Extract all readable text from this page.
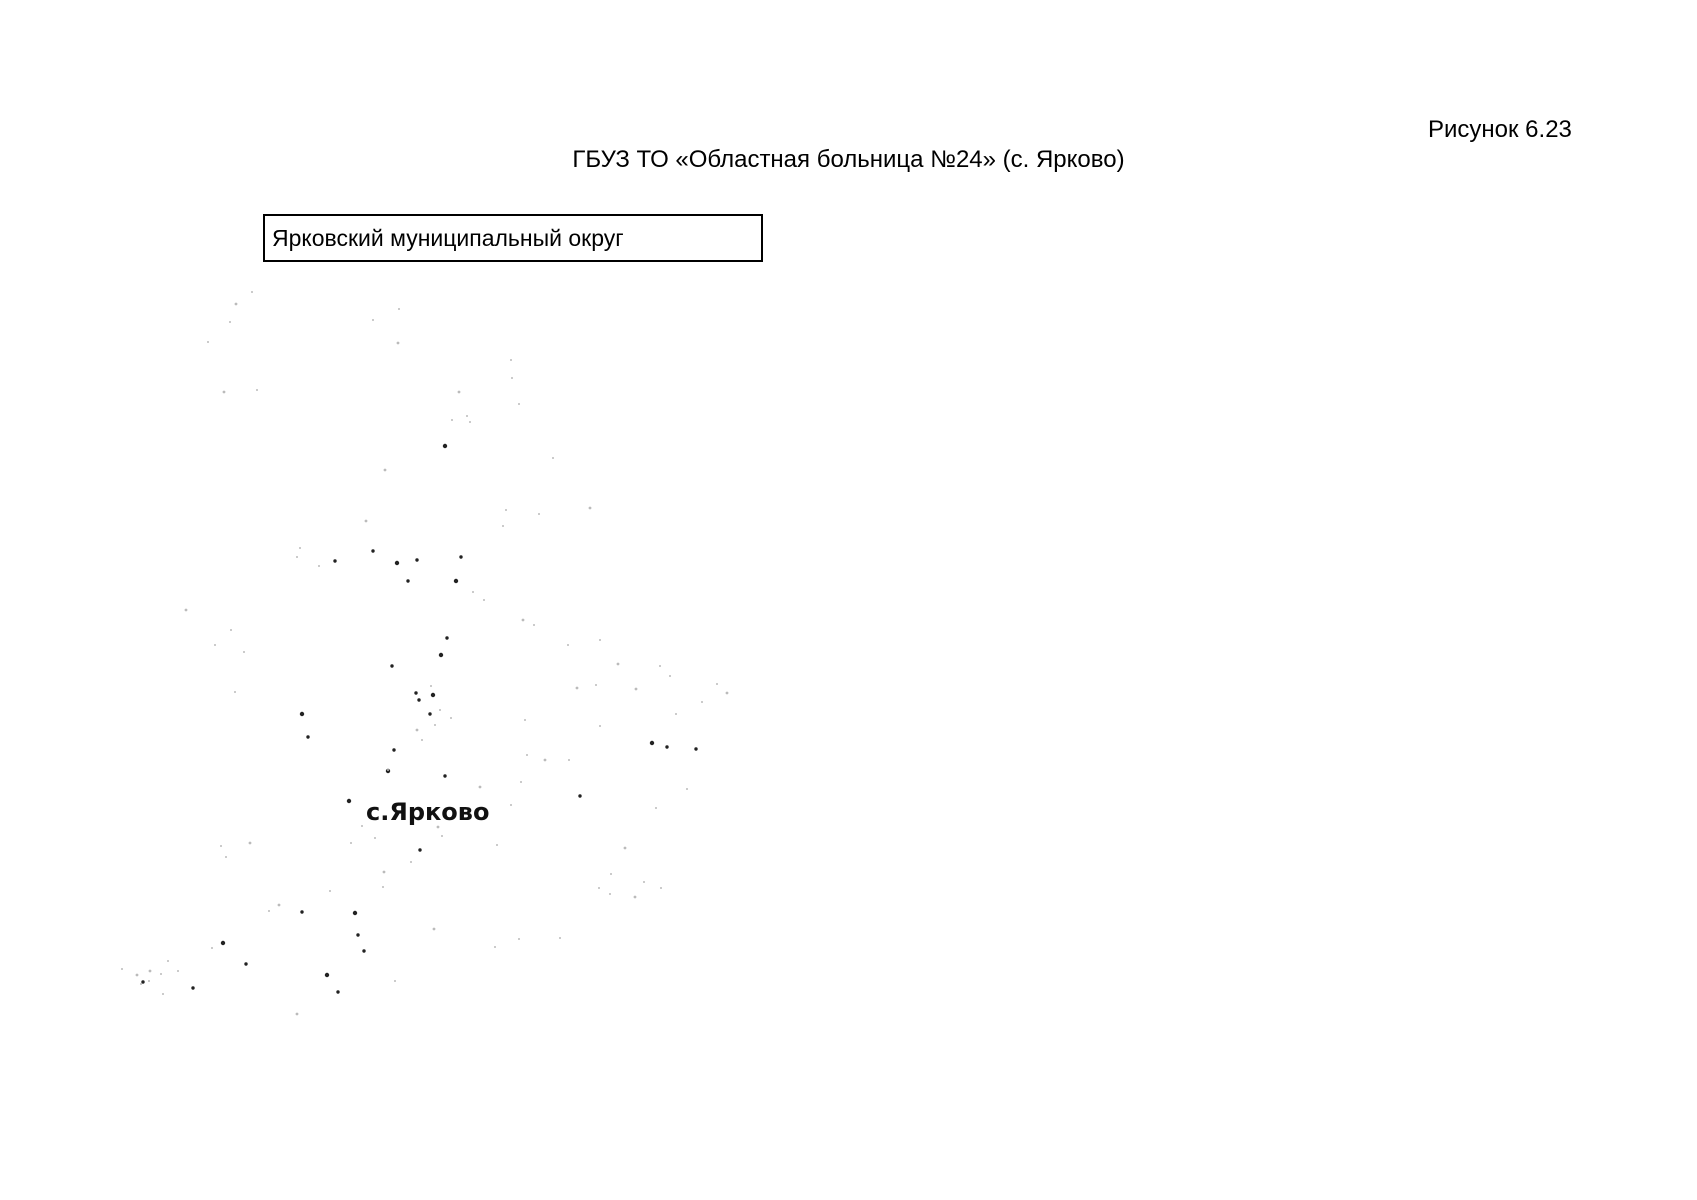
Рисунок 6.23
ГБУЗ ТО «Областная больница №24» (с. Ярково)
Ярковский муниципальный округ
с.Ярково
